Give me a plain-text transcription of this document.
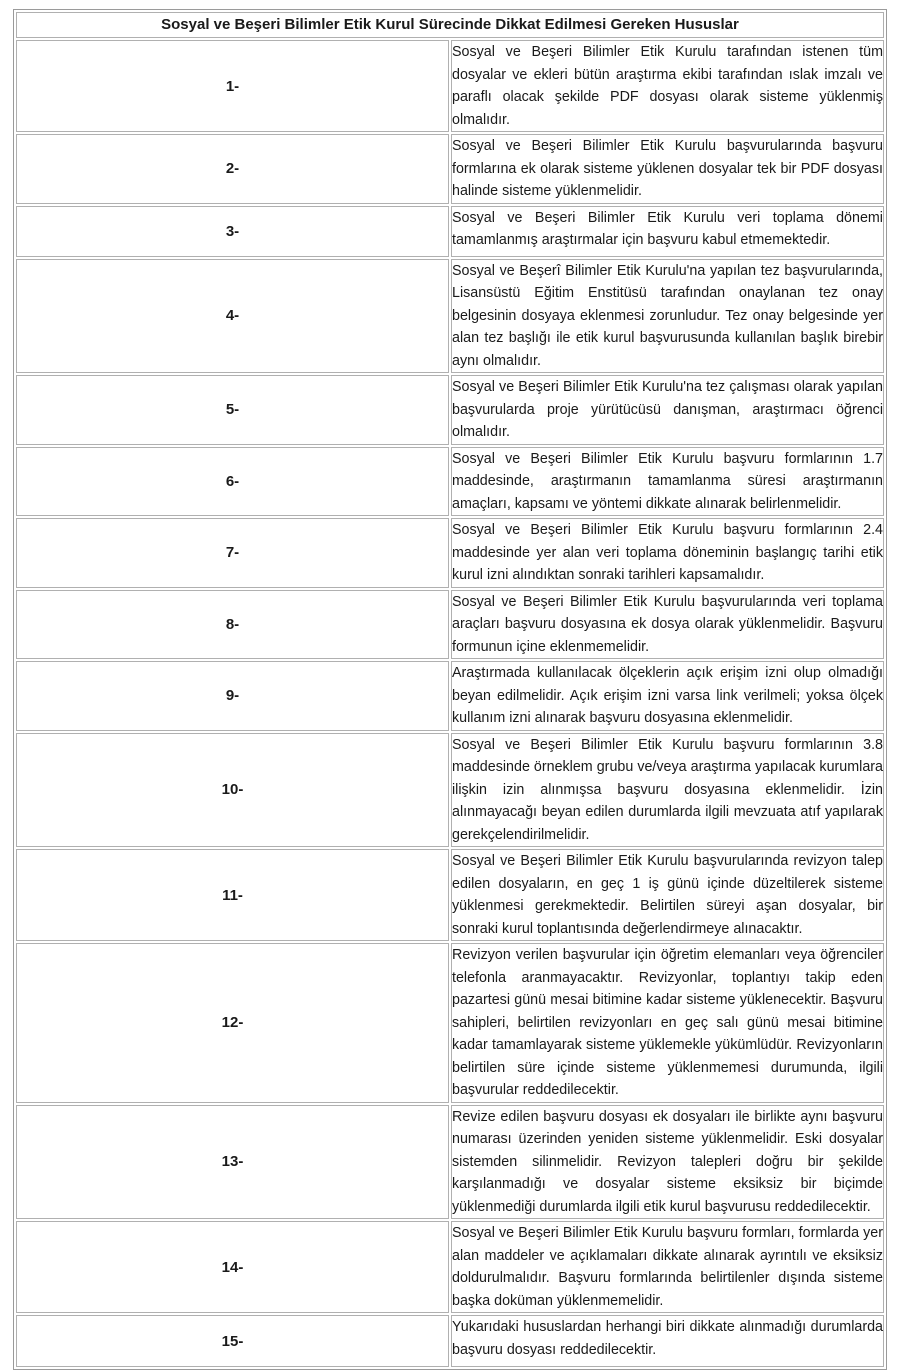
Sosyal ve Beşeri Bilimler Etik Kurul Sürecinde Dikkat Edilmesi Gereken Hususlar	
1-	Sosyal ve Beşeri Bilimler Etik Kurulu tarafından istenen tüm dosyalar ve ekleri bütün araştırma ekibi tarafından ıslak imzalı ve paraflı olacak şekilde PDF dosyası olarak sisteme yüklenmiş olmalıdır.
2-	Sosyal ve Beşeri Bilimler Etik Kurulu başvurularında başvuru formlarına ek olarak sisteme yüklenen dosyalar tek bir PDF dosyası halinde sisteme yüklenmelidir.
3-	Sosyal ve Beşeri Bilimler Etik Kurulu veri toplama dönemi tamamlanmış araştırmalar için başvuru kabul etmemektedir.
4-	Sosyal ve Beşerî Bilimler Etik Kurulu'na yapılan tez başvurularında, Lisansüstü Eğitim Enstitüsü tarafından onaylanan tez onay belgesinin dosyaya eklenmesi zorunludur. Tez onay belgesinde yer alan tez başlığı ile etik kurul başvurusunda kullanılan başlık birebir aynı olmalıdır.
5-	Sosyal ve Beşeri Bilimler Etik Kurulu'na tez çalışması olarak yapılan başvurularda proje yürütücüsü danışman, araştırmacı öğrenci olmalıdır.
6-	Sosyal ve Beşeri Bilimler Etik Kurulu başvuru formlarının 1.7 maddesinde, araştırmanın tamamlanma süresi araştırmanın amaçları, kapsamı ve yöntemi dikkate alınarak belirlenmelidir.
7-	Sosyal ve Beşeri Bilimler Etik Kurulu başvuru formlarının 2.4 maddesinde yer alan veri toplama döneminin başlangıç tarihi etik kurul izni alındıktan sonraki tarihleri kapsamalıdır.
8-	Sosyal ve Beşeri Bilimler Etik Kurulu başvurularında veri toplama araçları başvuru dosyasına ek dosya olarak yüklenmelidir. Başvuru formunun içine eklenmemelidir.
9-	Araştırmada kullanılacak ölçeklerin açık erişim izni olup olmadığı beyan edilmelidir. Açık erişim izni varsa link verilmeli; yoksa ölçek kullanım izni alınarak başvuru dosyasına eklenmelidir.
10-	Sosyal ve Beşeri Bilimler Etik Kurulu başvuru formlarının 3.8 maddesinde örneklem grubu ve/veya araştırma yapılacak kurumlara ilişkin izin alınmışsa başvuru dosyasına eklenmelidir. İzin alınmayacağı beyan edilen durumlarda ilgili mevzuata atıf yapılarak gerekçelendirilmelidir.
11-	Sosyal ve Beşeri Bilimler Etik Kurulu başvurularında revizyon talep edilen dosyaların, en geç 1 iş günü içinde düzeltilerek sisteme yüklenmesi gerekmektedir. Belirtilen süreyi aşan dosyalar, bir sonraki kurul toplantısında değerlendirmeye alınacaktır.
12-	Revizyon verilen başvurular için öğretim elemanları veya öğrenciler telefonla aranmayacaktır. Revizyonlar, toplantıyı takip eden pazartesi günü mesai bitimine kadar sisteme yüklenecektir. Başvuru sahipleri, belirtilen revizyonları en geç salı günü mesai bitimine kadar tamamlayarak sisteme yüklemekle yükümlüdür. Revizyonların belirtilen süre içinde sisteme yüklenmemesi durumunda, ilgili başvurular reddedilecektir.
13-	Revize edilen başvuru dosyası ek dosyaları ile birlikte aynı başvuru numarası üzerinden yeniden sisteme yüklenmelidir. Eski dosyalar sistemden silinmelidir. Revizyon talepleri doğru bir şekilde karşılanmadığı ve dosyalar sisteme eksiksiz bir biçimde yüklenmediği durumlarda ilgili etik kurul başvurusu reddedilecektir.
14-	Sosyal ve Beşeri Bilimler Etik Kurulu başvuru formları, formlarda yer alan maddeler ve açıklamaları dikkate alınarak ayrıntılı ve eksiksiz doldurulmalıdır. Başvuru formlarında belirtilenler dışında sisteme başka doküman yüklenmemelidir.
15-	Yukarıdaki hususlardan herhangi biri dikkate alınmadığı durumlarda başvuru dosyası reddedilecektir.
